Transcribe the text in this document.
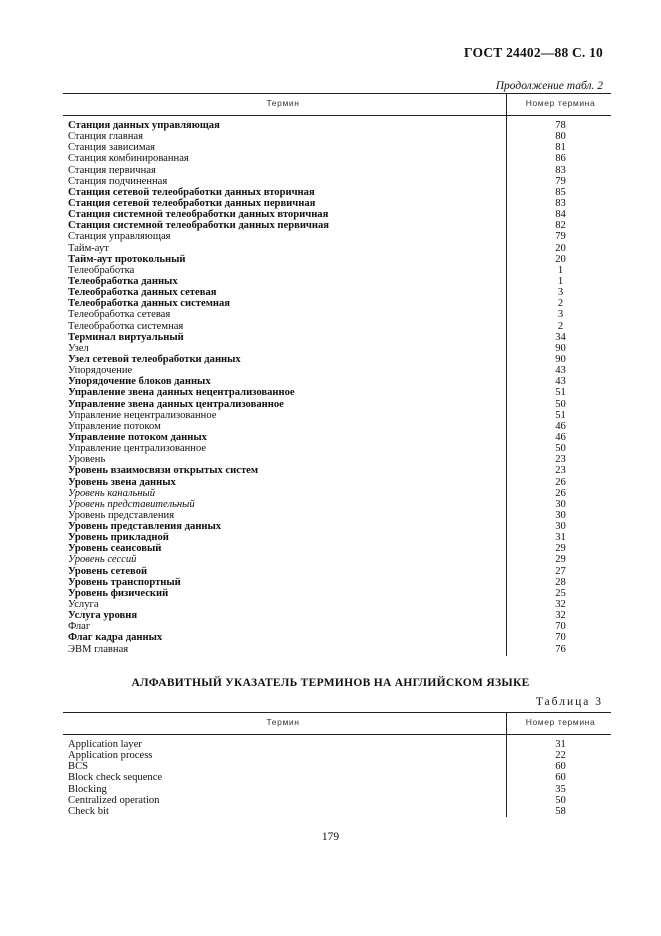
ГОСТ 24402—88 С. 10
Продолжение табл. 2
Термин	Номер термина
Станция данных управляющая	78
Станция главная	80
Станция зависимая	81
Станция комбинированная	86
Станция первичная	83
Станция подчиненная	79
Станция сетевой телеобработки данных вторичная	85
Станция сетевой телеобработки данных первичная	83
Станция системной телеобработки данных вторичная	84
Станция системной телеобработки данных первичная	82
Станция управляющая	79
Тайм-аут	20
Тайм-аут протокольный	20
Телеобработка	1
Телеобработка данных	1
Телеобработка данных сетевая	3
Телеобработка данных системная	2
Телеобработка сетевая	3
Телеобработка системная	2
Терминал виртуальный	34
Узел	90
Узел сетевой телеобработки данных	90
Упорядочение	43
Упорядочение блоков данных	43
Управление звена данных нецентрализованное	51
Управление звена данных централизованное	50
Управление нецентрализованное	51
Управление потоком	46
Управление потоком данных	46
Управление централизованное	50
Уровень	23
Уровень взаимосвязи открытых систем	23
Уровень звена данных	26
Уровень канальный	26
Уровень представительный	30
Уровень представления	30
Уровень представления данных	30
Уровень прикладной	31
Уровень сеансовый	29
Уровень сессий	29
Уровень сетевой	27
Уровень транспортный	28
Уровень физический	25
Услуга	32
Услуга уровня	32
Флаг	70
Флаг кадра данных	70
ЭВМ главная	76
АЛФАВИТНЫЙ УКАЗАТЕЛЬ ТЕРМИНОВ НА АНГЛИЙСКОМ ЯЗЫКЕ
Таблица 3
Термин	Номер термина
Application layer	31
Application process	22
BCS	60
Block check sequence	60
Blocking	35
Centralized operation	50
Check bit	58
179
